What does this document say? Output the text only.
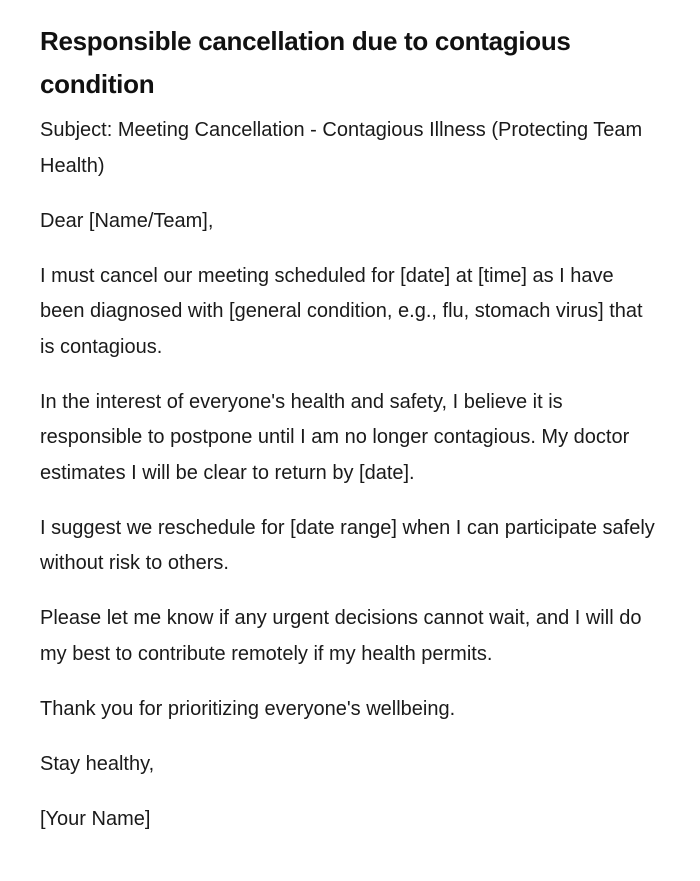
Responsible cancellation due to contagious condition

Subject: Meeting Cancellation - Contagious Illness (Protecting Team Health)

Dear [Name/Team],

I must cancel our meeting scheduled for [date] at [time] as I have been diagnosed with [general condition, e.g., flu, stomach virus] that is contagious.

In the interest of everyone's health and safety, I believe it is responsible to postpone until I am no longer contagious. My doctor estimates I will be clear to return by [date].

I suggest we reschedule for [date range] when I can participate safely without risk to others.

Please let me know if any urgent decisions cannot wait, and I will do my best to contribute remotely if my health permits.

Thank you for prioritizing everyone's wellbeing.

Stay healthy,

[Your Name]
